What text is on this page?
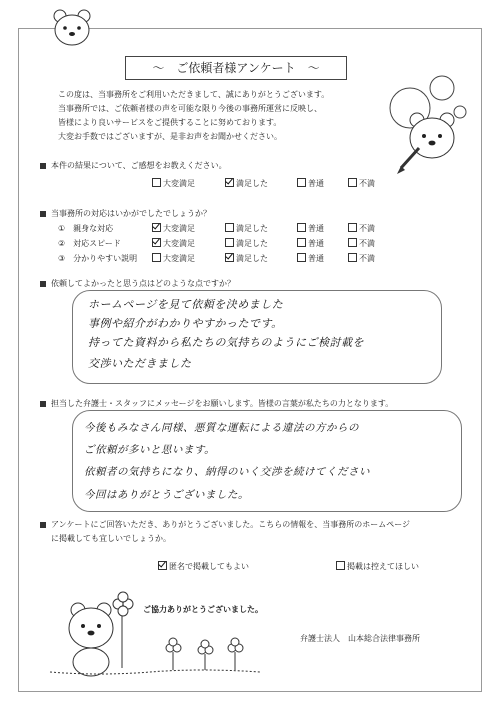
～　ご依頼者様アンケート　～
この度は、当事務所をご利用いただきまして、誠にありがとうございます。
当事務所では、ご依頼者様の声を可能な限り今後の事務所運営に反映し、
皆様により良いサービスをご提供することに努めております。
大変お手数ではございますが、是非お声をお聞かせください。
本件の結果について、ご感想をお教えください。
大変満足	満足した	普通	不満
当事務所の対応はいかがでしたでしょうか？
①　 親身な対応	大変満足	満足した	普通	不満
②　 対応スピード	大変満足	満足した	普通	不満
③　 分かりやすい説明	大変満足	満足した	普通	不満
依頼してよかったと思う点はどのような点ですか？
ホームページを見て依頼を決めました
事例や紹介がわかりやすかったです。
持ってた資料から私たちの気持ちのようにご検討載を
交渉いただきました
担当した弁護士・スタッフにメッセージをお願いします。皆様の言葉が私たちの力となります。
今後もみなさん同様、悪質な運転による違法の方からの
ご依頼が多いと思います。
依頼者の気持ちになり、納得のいく交渉を続けてください
今回はありがとうございました。
アンケートにご回答いただき、ありがとうございました。こちらの情報を、当事務所のホームページ
に掲載しても宜しいでしょうか。
匿名で掲載してもよい	掲載は控えてほしい
ご協力ありがとうございました。
弁護士法人 山本総合法律事務所
